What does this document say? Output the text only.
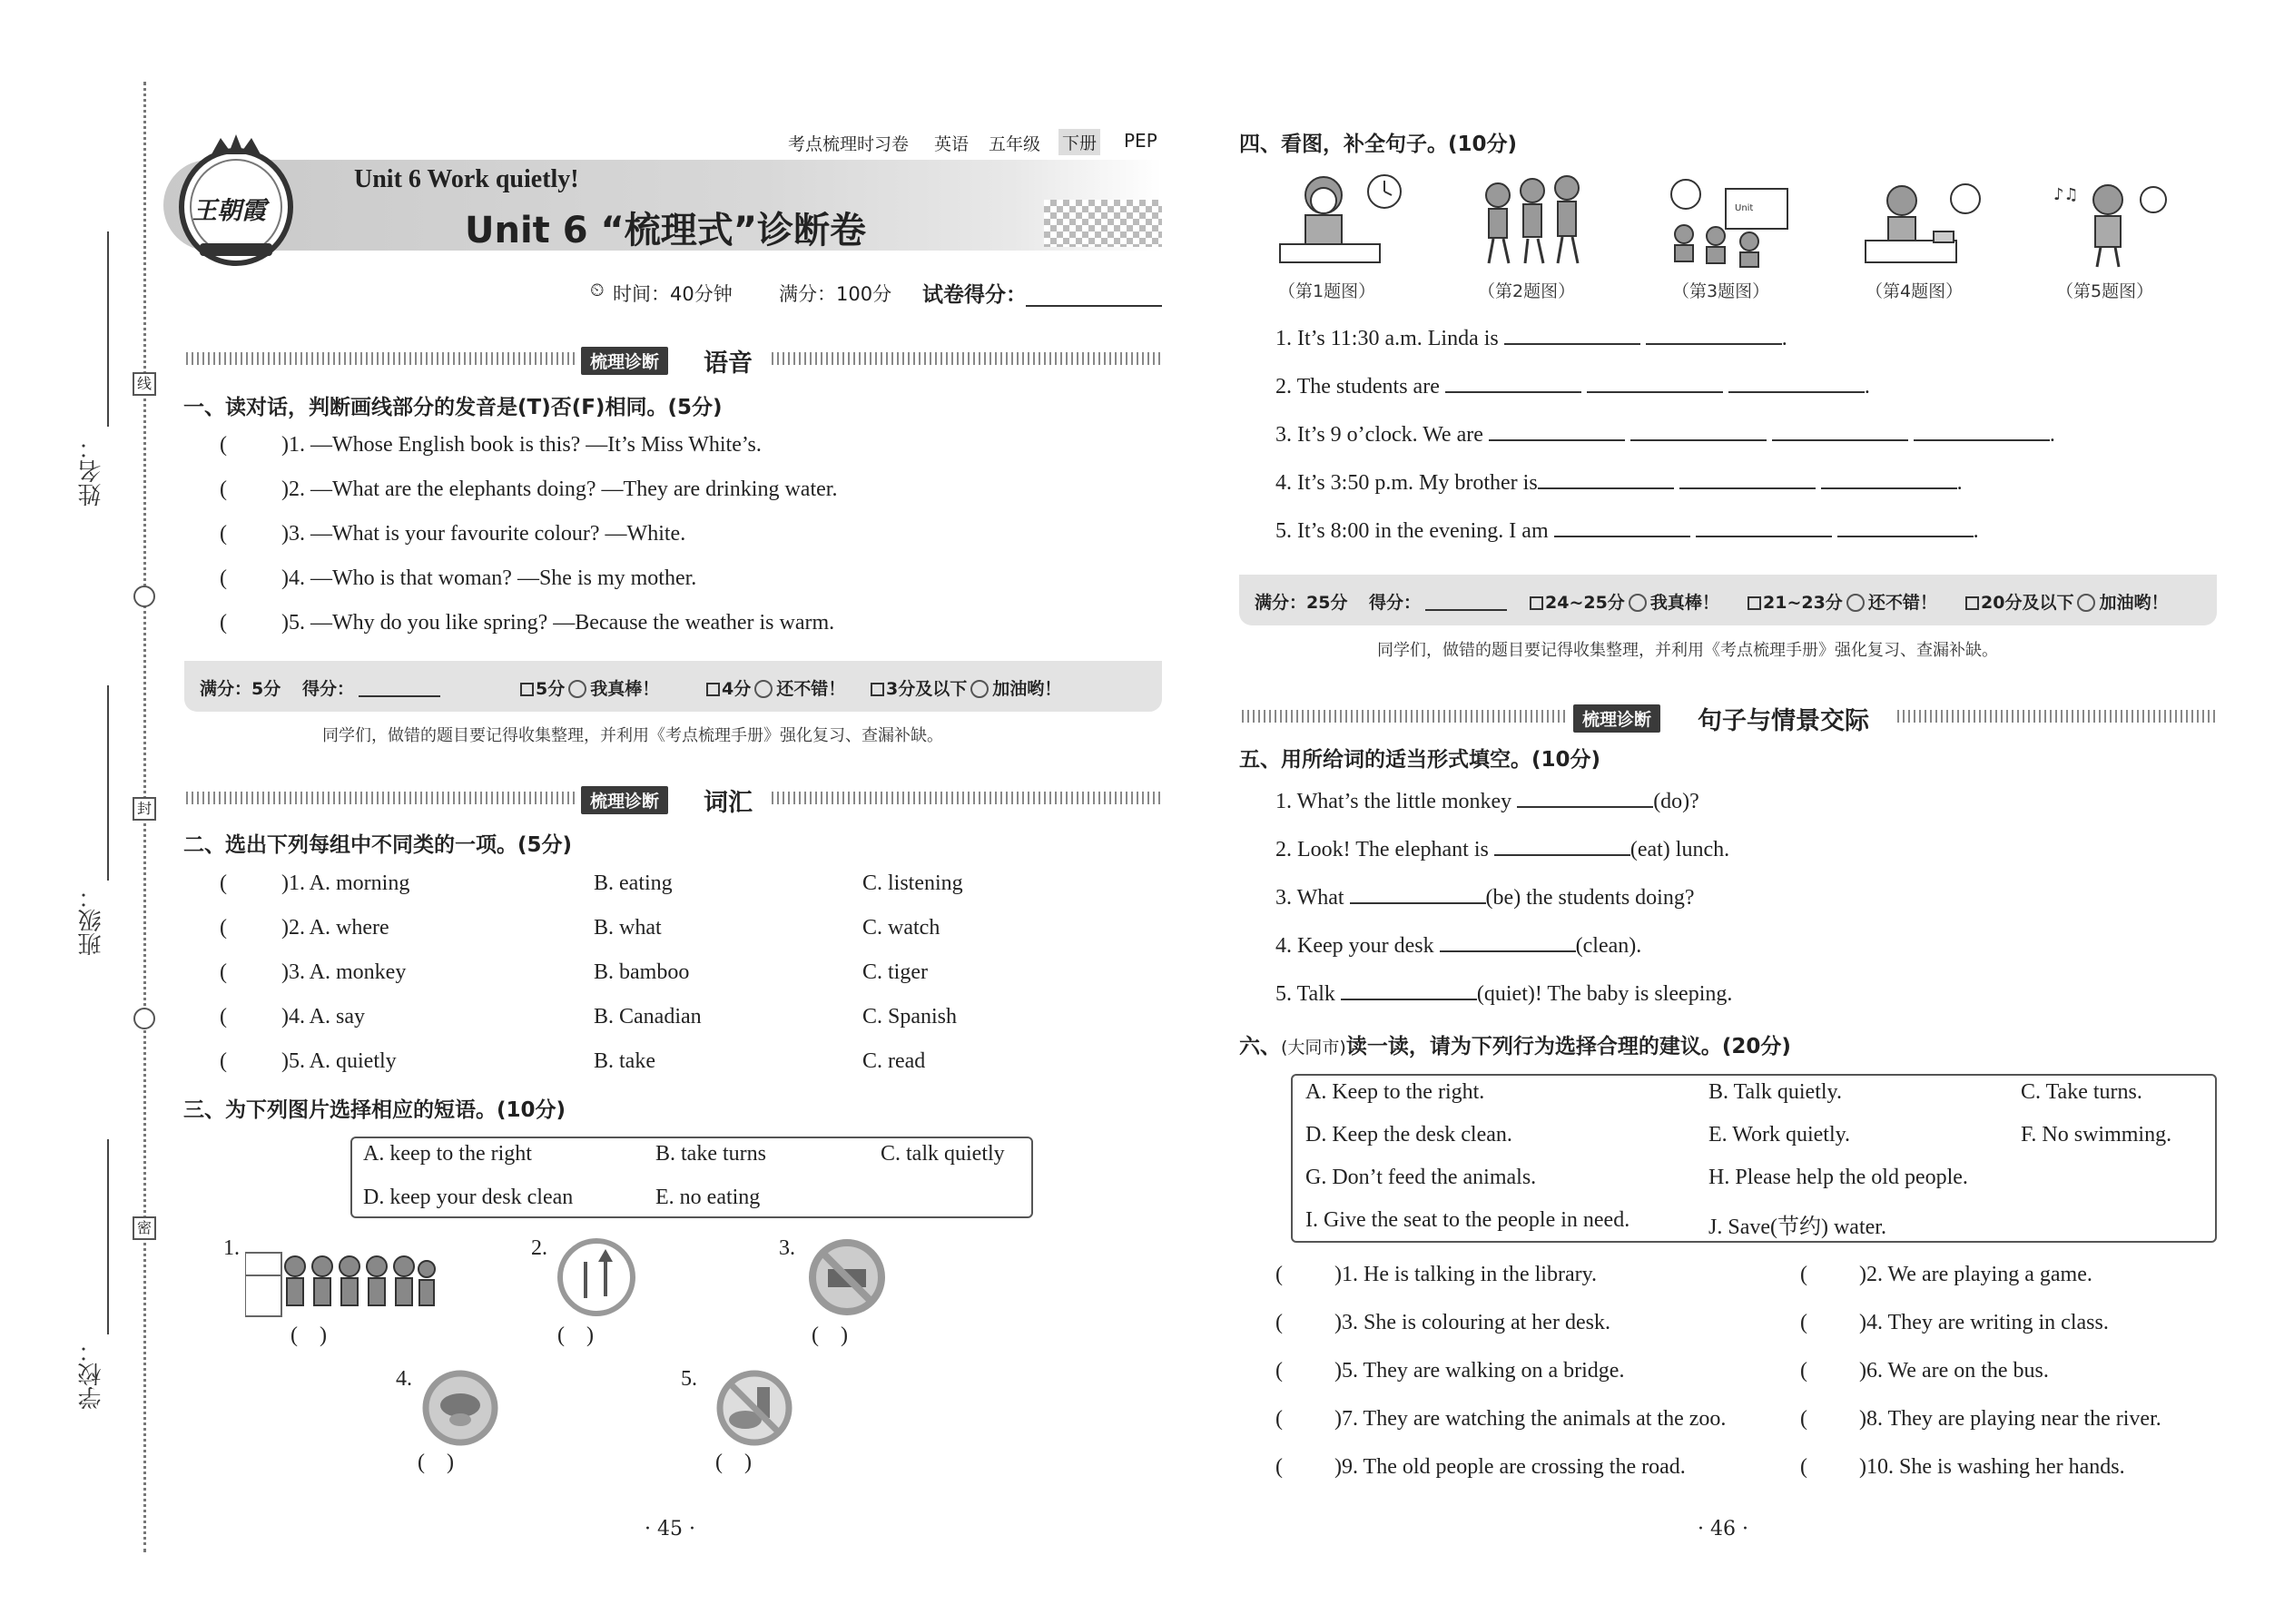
姓名：
班级：
学校：
线
封
密
考点梳理时习卷 英语 五年级 下册 PEP
王朝霞
Unit 6 Work quietly!
Unit 6 “梳理式”诊断卷
⏲ 时间：40分钟 满分：100分 试卷得分：
梳理诊断	语音
一、读对话，判断画线部分的发音是(T)否(F)相同。(5分)
(	)1. —Whose English book is this? —It’s Miss White’s.
(	)2. —What are the elephants doing? —They are drinking water.
(	)3. —What is your favourite colour? —White.
(	)4. —Who is that woman? —She is my mother.
(	)5. —Why do you like spring? —Because the weather is warm.
满分：5分 得分：	5分 我真棒！	4分 还不错！	3分及以下 加油哟！
同学们，做错的题目要记得收集整理，并利用《考点梳理手册》强化复习、查漏补缺。
梳理诊断	词汇
二、选出下列每组中不同类的一项。(5分)
(	)1. A. morning	B. eating	C. listening
(	)2. A. where	B. what	C. watch
(	)3. A. monkey	B. bamboo	C. tiger
(	)4. A. say	B. Canadian	C. Spanish
(	)5. A. quietly	B. take	C. read
三、为下列图片选择相应的短语。(10分)
A. keep to the right	B. take turns	C. talk quietly
D. keep your desk clean	E. no eating
1.
(    )
2.
(    )
3.
(    )
4.
(    )
5.
(    )
· 45 ·
四、看图，补全句子。(10分)
（第1题图）	（第2题图）
Unit
（第3题图）	（第4题图）
♪♫
（第5题图）
1. It’s 11:30 a.m. Linda is	.
2. The students are	.
3. It’s 9 o’clock. We are	.
4. It’s 3:50 p.m. My brother is	.
5. It’s 8:00 in the evening. I am	.
满分：25分 得分：	24~25分 我真棒！	21~23分 还不错！	20分及以下 加油哟！
同学们，做错的题目要记得收集整理，并利用《考点梳理手册》强化复习、查漏补缺。
梳理诊断	句子与情景交际
五、用所给词的适当形式填空。(10分)
1. What’s the little monkey	(do)?
2. Look! The elephant is	(eat) lunch.
3. What	(be) the students doing?
4. Keep your desk	(clean).
5. Talk	(quiet)! The baby is sleeping.
六、(大同市)读一读，请为下列行为选择合理的建议。(20分)
A. Keep to the right.	B. Talk quietly.	C. Take turns.
D. Keep the desk clean.	E. Work quietly.	F. No swimming.
G. Don’t feed the animals.	H. Please help the old people.
I. Give the seat to the people in need.	J. Save(节约) water.
( )1. He is talking in the library.	( )2. We are playing a game.
( )3. She is colouring at her desk.	( )4. They are writing in class.
( )5. They are walking on a bridge.	( )6. We are on the bus.
( )7. They are watching the animals at the zoo.	( )8. They are playing near the river.
( )9. The old people are crossing the road.	( )10. She is washing her hands.
· 46 ·
